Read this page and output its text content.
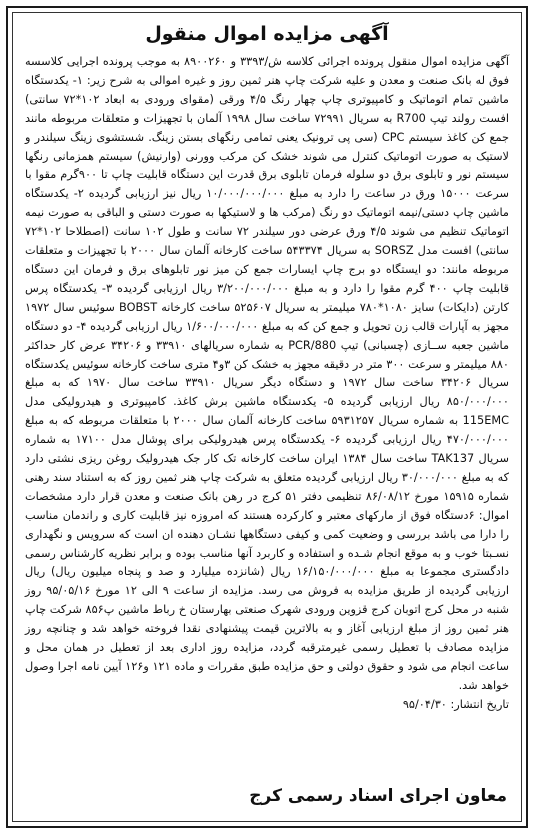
آگهی مزایده اموال منقول

آگهی مزایده اموال منقول پرونده اجرائی کلاسه ش/۳۳۹۳ و ۸۹۰۰۲۶۰ به موجب پرونده اجرایی کلاسسه فوق له بانک صنعت و معدن و علیه شرکت چاپ هنر ثمین روز و غیره اموالی به شرح زیر: ۱- یکدستگاه ماشین تمام اتوماتیک و کامپیوتری چاپ چهار رنگ ۴/۵ ورقی (مقوای ورودی به ابعاد ۱۰۲*۷۲ سانتی) افست رولند تیپ R700 به سریال ۷۲۹۹۱ ساخت سال ۱۹۹۸ آلمان با تجهیزات و متعلقات مربوطه مانند جمع کن کاغذ سیستم CPC (سی پی ترونیک یعنی تمامی رنگهای بستن زینگ. شستشوی زینگ سیلندر و لاستیک به صورت اتوماتیک کنترل می شوند خشک کن مرکب وورنی (وارنیش) سیستم همزمانی رنگها سیستم نور و تابلوی برق دو سلوله فرمان تابلوی برق قدرت این دستگاه قابلیت چاپ تا ۹۰۰گرم مقوا با سرعت ۱۵۰۰۰ ورق در ساعت را دارد به مبلغ ۱۰/۰۰۰/۰۰۰/۰۰۰ ریال نیز ارزیابی گردیده ۲- یکدستگاه ماشین چاپ دستی/نیمه اتوماتیک دو رنگ (مرکب ها و لاستیکها به صورت دستی و الباقی به صورت نیمه اتوماتیک تنظیم می شوند ۴/۵ ورق عرضی دور سیلندر ۷۲ سانت و طول ۱۰۲ سانت (اصطلاحا ۱۰۲*۷۲ سانتی) افست مدل SORSZ به سریال ۵۴۳۳۷۴ ساخت کارخانه آلمان سال ۲۰۰۰ با تجهیزات و متعلقات مربوطه مانند: دو ایستگاه دو برج چاپ ایسارات جمع کن میز نور تابلوهای برق و فرمان این دستگاه قابلیت چاپ ۴۰۰ گرم مقوا را دارد و به مبلغ ۳/۲۰۰/۰۰۰/۰۰۰ ریال ارزیابی گردیده ۳- یکدستگاه پرس کارتن (دایکات) سایز ۱۰۸۰*۷۸۰ میلیمتر به سریال ۵۲۵۶۰۷ ساخت کارخانه BOBST سوئیس سال ۱۹۷۲ مجهز به آپارات قالب زن تحویل و جمع کن که به مبلغ ۱/۶۰۰/۰۰۰/۰۰۰ ریال ارزیابی گردیده ۴- دو دستگاه ماشین جعبه ســازی (چسبانی) تیپ PCR/880 به شماره سریالهای ۳۳۹۱۰ و ۳۴۲۰۶ عرض کار حداکثر ۸۸۰ میلیمتر و سرعت ۳۰۰ متر در دقیقه مجهز به خشک کن ۳و۴ متری ساخت کارخانه سوئیس یکدستگاه سریال ۳۴۲۰۶ ساخت سال ۱۹۷۲ و دستگاه دیگر سریال ۳۳۹۱۰ ساخت سال ۱۹۷۰ که به مبلغ ۸۵۰/۰۰۰/۰۰۰ ریال ارزیابی گردیده ۵- یکدستگاه ماشین برش کاغذ. کامپیوتری و هیدرولیکی مدل 115EMC به شماره سریال ۵۹۳۱۲۵۷ ساخت کارخانه آلمان سال ۲۰۰۰ با متعلقات مربوطه که به مبلغ ۴۷۰/۰۰۰/۰۰۰ ریال ارزیابی گردیده ۶- یکدستگاه پرس هیدرولیکی برای پوشال مدل ۱۷۱۰۰ به شماره سریال TAK137 ساخت سال ۱۳۸۴ ایران ساخت کارخانه تک کار جک هیدرولیک روغن ریزی نشتی دارد که به مبلغ ۳۰/۰۰۰/۰۰۰ ریال ارزیابی گردیده متعلق به شرکت چاپ هنر ثمین روز که به استناد سند رهنی شماره ۱۵۹۱۵ مورخ ۸۶/۰۸/۱۲ تنظیمی دفتر ۵۱ کرج در رهن بانک صنعت و معدن قرار دارد مشخصات اموال: ۶دستگاه فوق از مارکهای معتبر و کارکرده هستند که امروزه نیز قابلیت کاری و راندمان مناسب را دارا می باشد بررسی و وضعیت کمی و کیفی دستگاهها نشـان دهنده ان است که سرویس و نگهداری نسـبتا خوب و به موقع انجام شـده و استفاده و کاربرد آنها مناسب بوده و برابر نظریه کارشناس رسمی دادگستری مجموعا به مبلغ ۱۶/۱۵۰/۰۰۰/۰۰۰ ریال (شانزده میلیارد و صد و پنجاه میلیون ریال) ریال ارزیابی گردیده از طریق مزایده به فروش می رسد. مزایده از ساعت ۹ الی ۱۲ مورخ ۹۵/۰۵/۱۶ روز شنبه در محل کرج اتوبان کرج قزوین ورودی شهرک صنعتی بهارستان خ رباط ماشین پ۸۵۶ شرکت چاپ هنر ثمین روز از مبلغ ارزیابی آغاز و به بالاترین قیمت پیشنهادی نقدا فروخته خواهد شد و چنانچه روز مزایده مصادف با تعطیل رسمی غیرمترقبه گردد، مزایده روز اداری بعد از تعطیل در همان محل و ساعت انجام می شود و حقوق دولتی و حق مزایده طبق مقررات و ماده ۱۲۱ و۱۲۶ آیین نامه اجرا وصول خواهد شد.

تاریخ انتشار: ۹۵/۰۴/۳۰

معاون اجرای اسناد رسمی کرج
